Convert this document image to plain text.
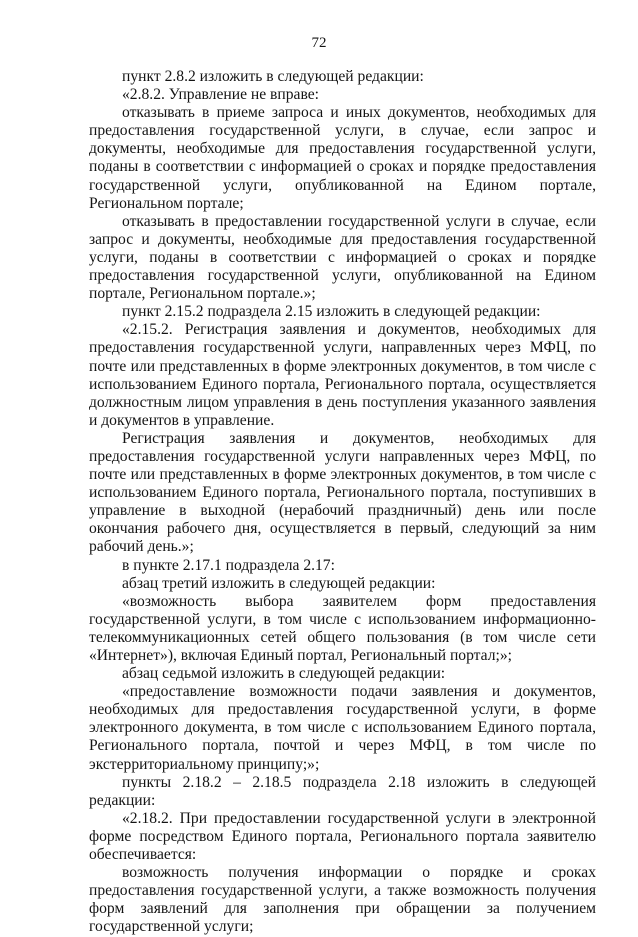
72

пункт 2.8.2 изложить в следующей редакции:

«2.8.2. Управление не вправе:

отказывать в приеме запроса и иных документов, необходимых для предоставления государственной услуги, в случае, если запрос и документы, необходимые для предоставления государственной услуги, поданы в соответствии с информацией о сроках и порядке предоставления государственной услуги, опубликованной на Едином портале, Региональном портале;

отказывать в предоставлении государственной услуги в случае, если запрос и документы, необходимые для предоставления государственной услуги, поданы в соответствии с информацией о сроках и порядке предоставления государственной услуги, опубликованной на Едином портале, Региональном портале.»;

пункт 2.15.2 подраздела 2.15 изложить в следующей редакции:

«2.15.2. Регистрация заявления и документов, необходимых для предоставления государственной услуги, направленных через МФЦ, по почте или представленных в форме электронных документов, в том числе с использованием Единого портала, Регионального портала, осуществляется должностным лицом управления в день поступления указанного заявления и документов в управление.

Регистрация заявления и документов, необходимых для предоставления государственной услуги направленных через МФЦ, по почте или представленных в форме электронных документов, в том числе с использованием Единого портала, Регионального портала, поступивших в управление в выходной (нерабочий праздничный) день или после окончания рабочего дня, осуществляется в первый, следующий за ним рабочий день.»;

в пункте 2.17.1 подраздела 2.17:

абзац третий изложить в следующей редакции:

«возможность выбора заявителем форм предоставления государственной услуги, в том числе с использованием информационно-телекоммуникационных сетей общего пользования (в том числе сети «Интернет»), включая Единый портал, Региональный портал;»;

абзац седьмой изложить в следующей редакции:

«предоставление возможности подачи заявления и документов, необходимых для предоставления государственной услуги, в форме электронного документа, в том числе с использованием Единого портала, Регионального портала, почтой и через МФЦ, в том числе по экстерриториальному принципу;»;

пункты 2.18.2 – 2.18.5 подраздела 2.18 изложить в следующей редакции:

«2.18.2. При предоставлении государственной услуги в электронной форме посредством Единого портала, Регионального портала заявителю обеспечивается:

возможность получения информации о порядке и сроках предоставления государственной услуги, а также возможность получения форм заявлений для заполнения при обращении за получением государственной услуги;
